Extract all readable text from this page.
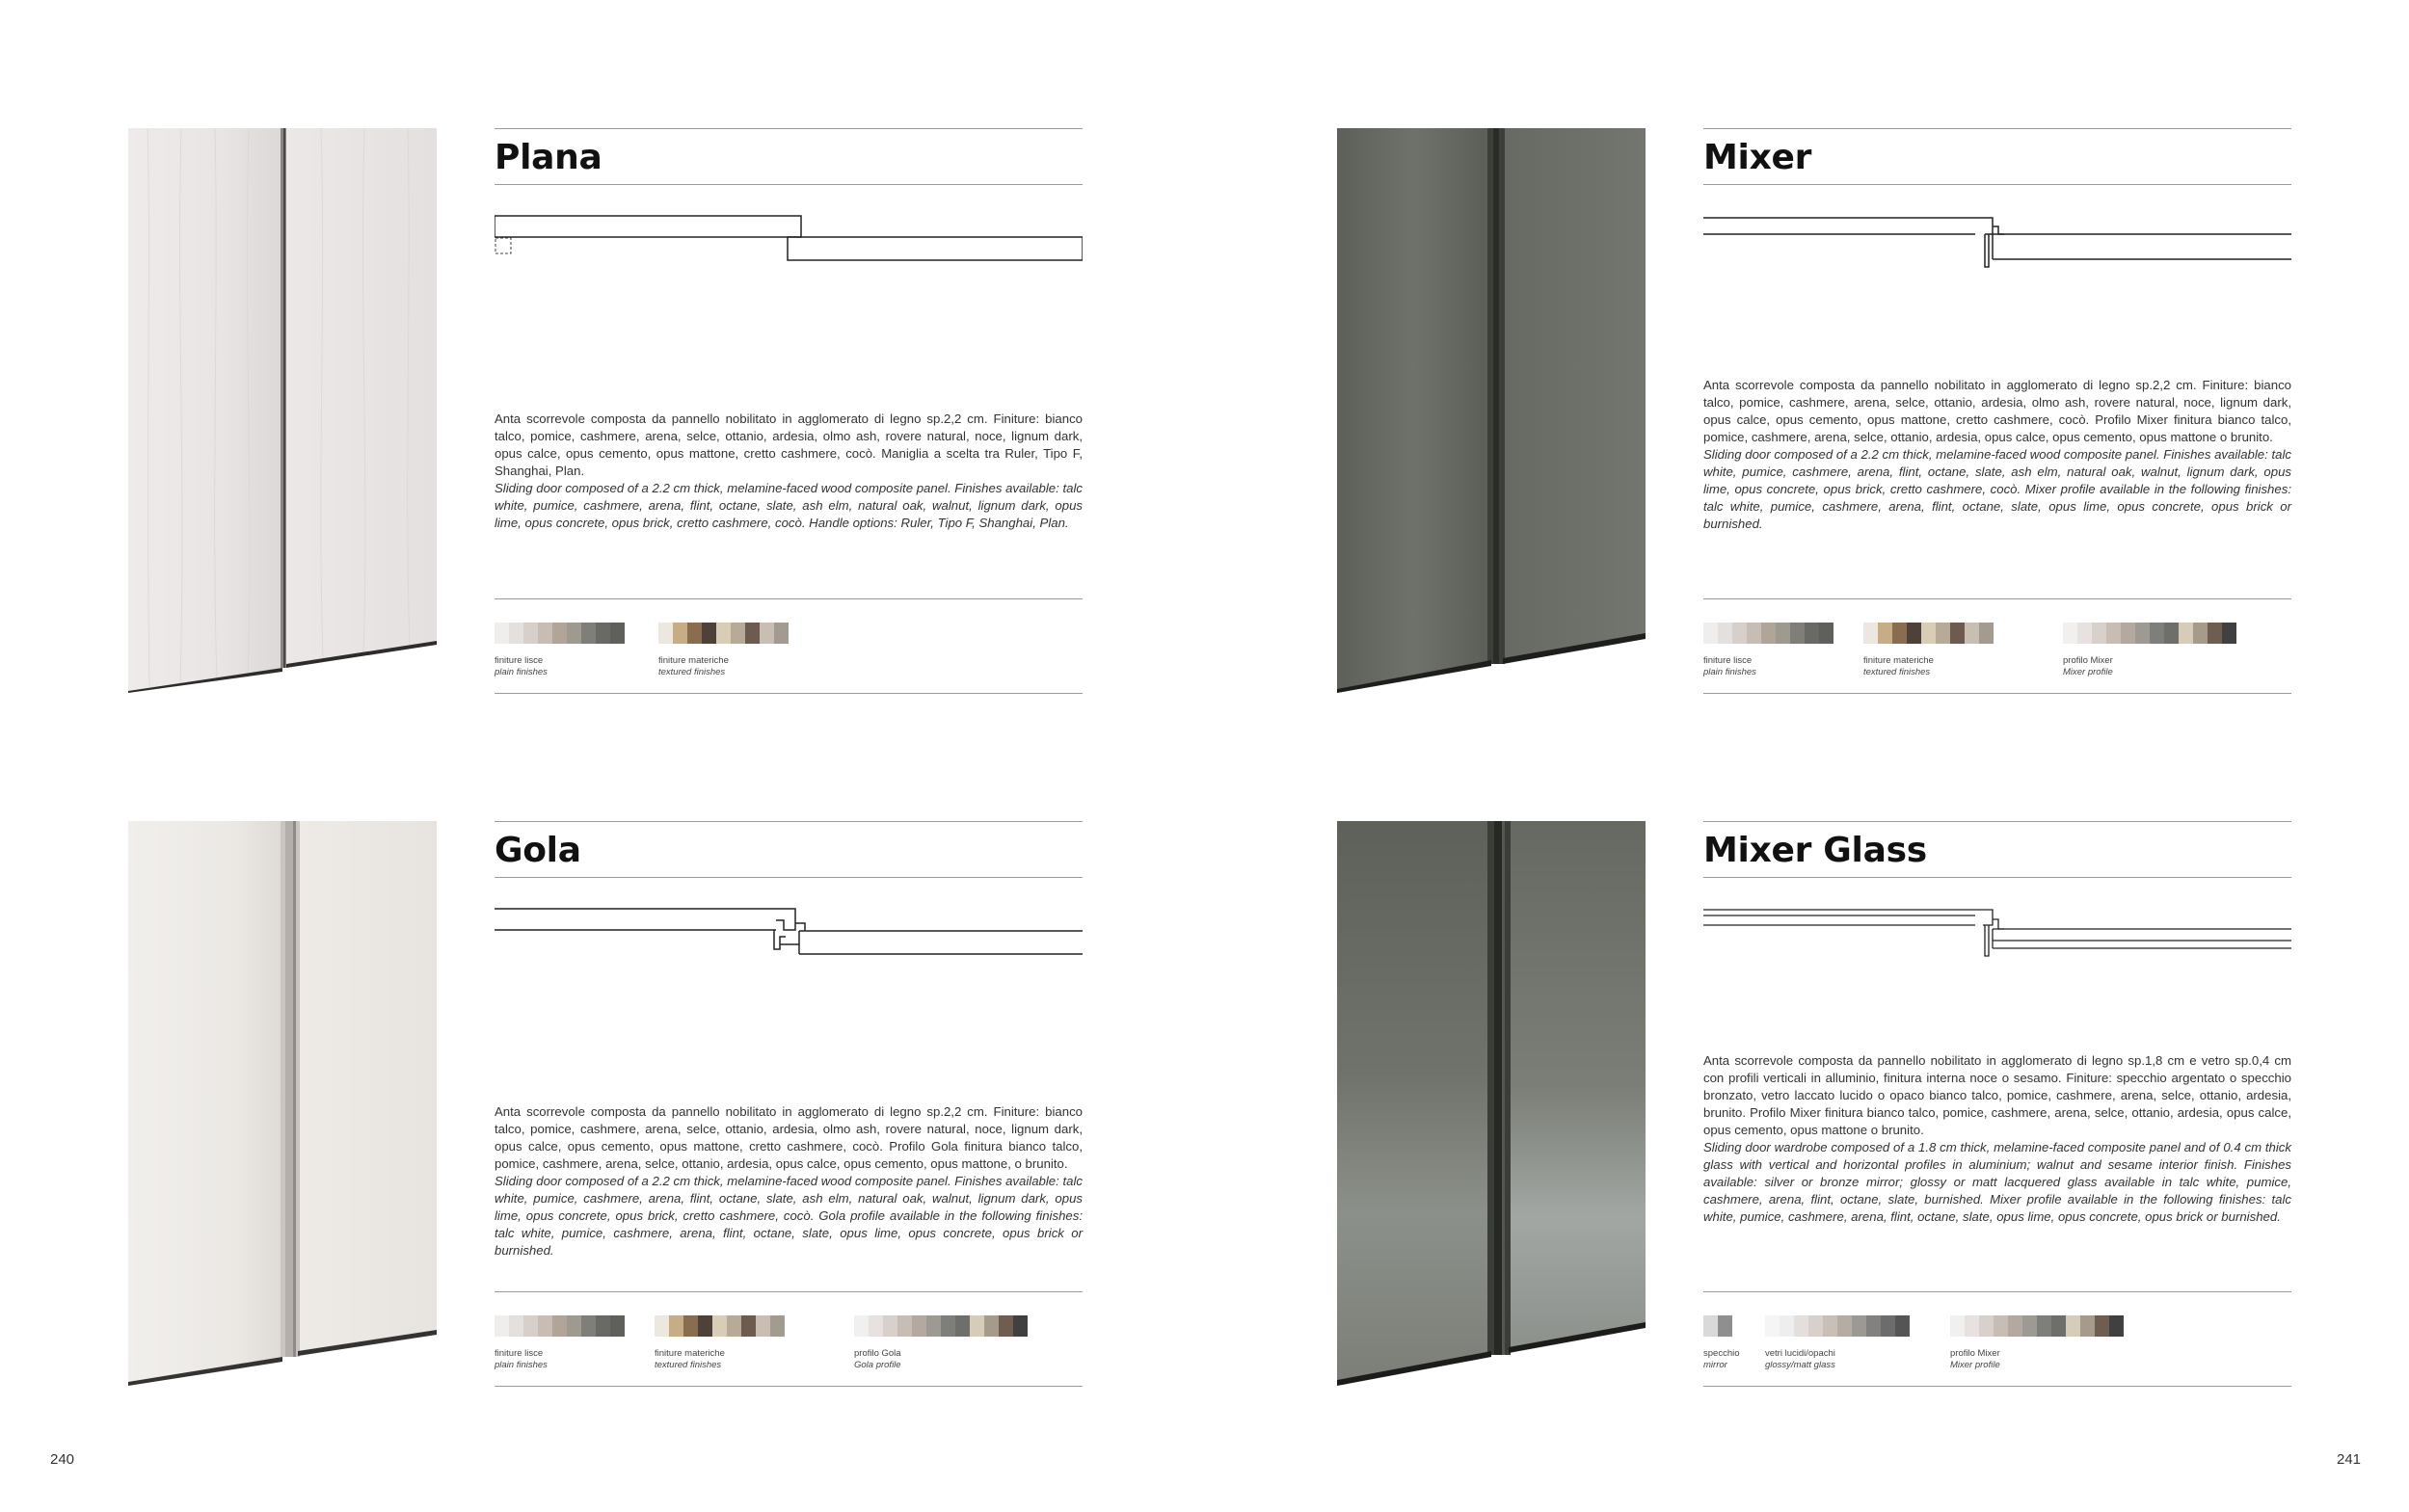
Plana

Anta scorrevole composta da pannello nobilitato in agglomerato di legno sp.2,2 cm. Finiture: bianco talco, pomice, cashmere, arena, selce, ottanio, ardesia, olmo ash, rovere natural, noce, lignum dark, opus calce, opus cemento, opus mattone, cretto cashmere, cocò. Maniglia a scelta tra Ruler, Tipo F, Shanghai, Plan.

Sliding door composed of a 2.2 cm thick, melamine-faced wood composite panel. Finishes available: talc white, pumice, cashmere, arena, flint, octane, slate, ash elm, natural oak, walnut, lignum dark, opus lime, opus concrete, opus brick, cretto cashmere, cocò. Handle options: Ruler, Tipo F, Shanghai, Plan.

finiture lisce
plain finishes
finiture materiche
textured finishes
Gola

Anta scorrevole composta da pannello nobilitato in agglomerato di legno sp.2,2 cm. Finiture: bianco talco, pomice, cashmere, arena, selce, ottanio, ardesia, olmo ash, rovere natural, noce, lignum dark, opus calce, opus cemento, opus mattone, cretto cashmere, cocò. Profilo Gola finitura bianco talco, pomice, cashmere, arena, selce, ottanio, ardesia, opus calce, opus cemento, opus mattone, o brunito.

Sliding door composed of a 2.2 cm thick, melamine-faced wood composite panel. Finishes available: talc white, pumice, cashmere, arena, flint, octane, slate, ash elm, natural oak, walnut, lignum dark, opus lime, opus concrete, opus brick, cretto cashmere, cocò. Gola profile available in the following finishes: talc white, pumice, cashmere, arena, flint, octane, slate, opus lime, opus concrete, opus brick or burnished.

finiture lisce
plain finishes
finiture materiche
textured finishes
profilo Gola
Gola profile
Mixer

Anta scorrevole composta da pannello nobilitato in agglomerato di legno sp.2,2 cm. Finiture: bianco talco, pomice, cashmere, arena, selce, ottanio, ardesia, olmo ash, rovere natural, noce, lignum dark, opus calce, opus cemento, opus mattone, cretto cashmere, cocò. Profilo Mixer finitura bianco talco, pomice, cashmere, arena, selce, ottanio, ardesia, opus calce, opus cemento, opus mattone o brunito.

Sliding door composed of a 2.2 cm thick, melamine-faced wood composite panel. Finishes available: talc white, pumice, cashmere, arena, flint, octane, slate, ash elm, natural oak, walnut, lignum dark, opus lime, opus concrete, opus brick, cretto cashmere, cocò. Mixer profile available in the following finishes: talc white, pumice, cashmere, arena, flint, octane, slate, opus lime, opus concrete, opus brick or burnished.

finiture lisce
plain finishes
finiture materiche
textured finishes
profilo Mixer
Mixer profile
Mixer Glass

Anta scorrevole composta da pannello nobilitato in agglomerato di legno sp.1,8 cm e vetro sp.0,4 cm con profili verticali in alluminio, finitura interna noce o sesamo. Finiture: specchio argentato o specchio bronzato, vetro laccato lucido o opaco bianco talco, pomice, cashmere, arena, selce, ottanio, ardesia, brunito. Profilo Mixer finitura bianco talco, pomice, cashmere, arena, selce, ottanio, ardesia, opus calce, opus cemento, opus mattone o brunito.

Sliding door wardrobe composed of a 1.8 cm thick, melamine-faced composite panel and of 0.4 cm thick glass with vertical and horizontal profiles in aluminium; walnut and sesame interior finish. Finishes available: silver or bronze mirror; glossy or matt lacquered glass available in talc white, pumice, cashmere, arena, flint, octane, slate, burnished. Mixer profile available in the following finishes: talc white, pumice, cashmere, arena, flint, octane, slate, opus lime, opus concrete, opus brick or burnished.

specchio
mirror
vetri lucidi/opachi
glossy/matt glass
profilo Mixer
Mixer profile
240	241
